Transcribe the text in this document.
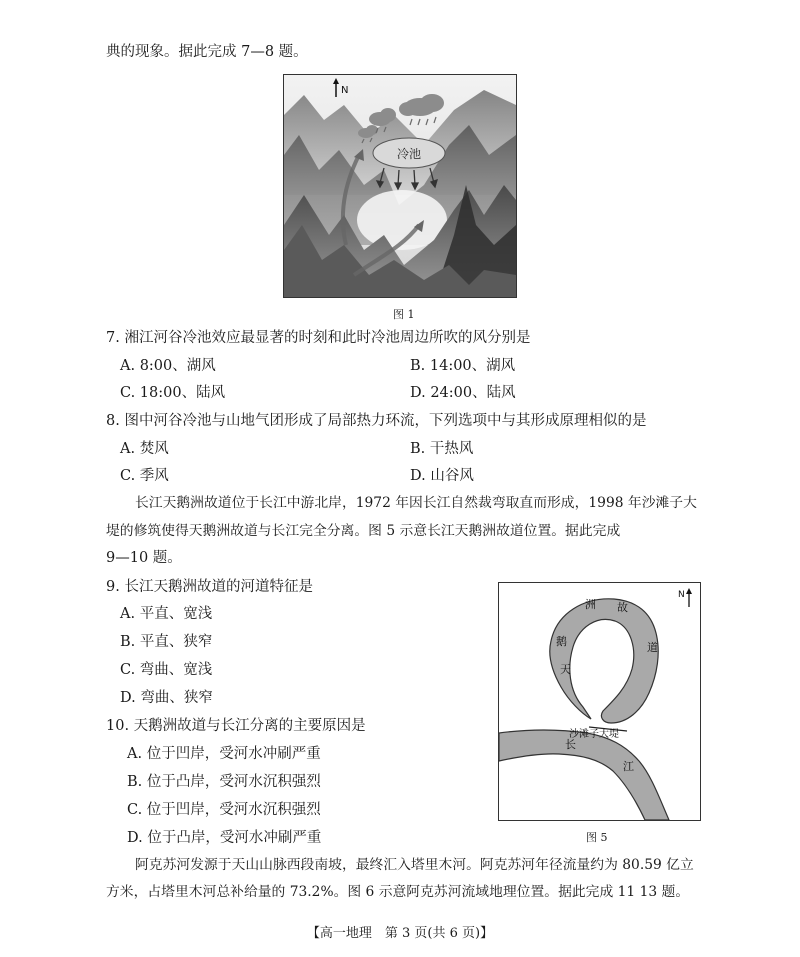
典的现象。据此完成 7—8 题。
冷池
N
图 1
7. 湘江河谷冷池效应最显著的时刻和此时冷池周边所吹的风分别是
A. 8:00、湖风	B. 14:00、湖风
C. 18:00、陆风	D. 24:00、陆风
8. 图中河谷冷池与山地气团形成了局部热力环流，下列选项中与其形成原理相似的是
A. 焚风	B. 干热风
C. 季风	D. 山谷风
长江天鹅洲故道位于长江中游北岸，1972 年因长江自然裁弯取直而形成，1998 年沙滩子大
堤的修筑使得天鹅洲故道与长江完全分离。图 5 示意长江天鹅洲故道位置。据此完成
9—10 题。
9. 长江天鹅洲故道的河道特征是
A. 平直、宽浅
B. 平直、狭窄
C. 弯曲、宽浅
D. 弯曲、狭窄
10. 天鹅洲故道与长江分离的主要原因是
A. 位于凹岸，受河水冲刷严重
B. 位于凸岸，受河水沉积强烈
C. 位于凹岸，受河水沉积强烈
D. 位于凸岸，受河水冲刷严重
洲 故
道
鹅
天
沙滩子大堤
长
江
N
图 5
阿克苏河发源于天山山脉西段南坡，最终汇入塔里木河。阿克苏河年径流量约为 80.59 亿立
方米，占塔里木河总补给量的 73.2%。图 6 示意阿克苏河流域地理位置。据此完成 11 13 题。
【高一地理　第 3 页(共 6 页)】
